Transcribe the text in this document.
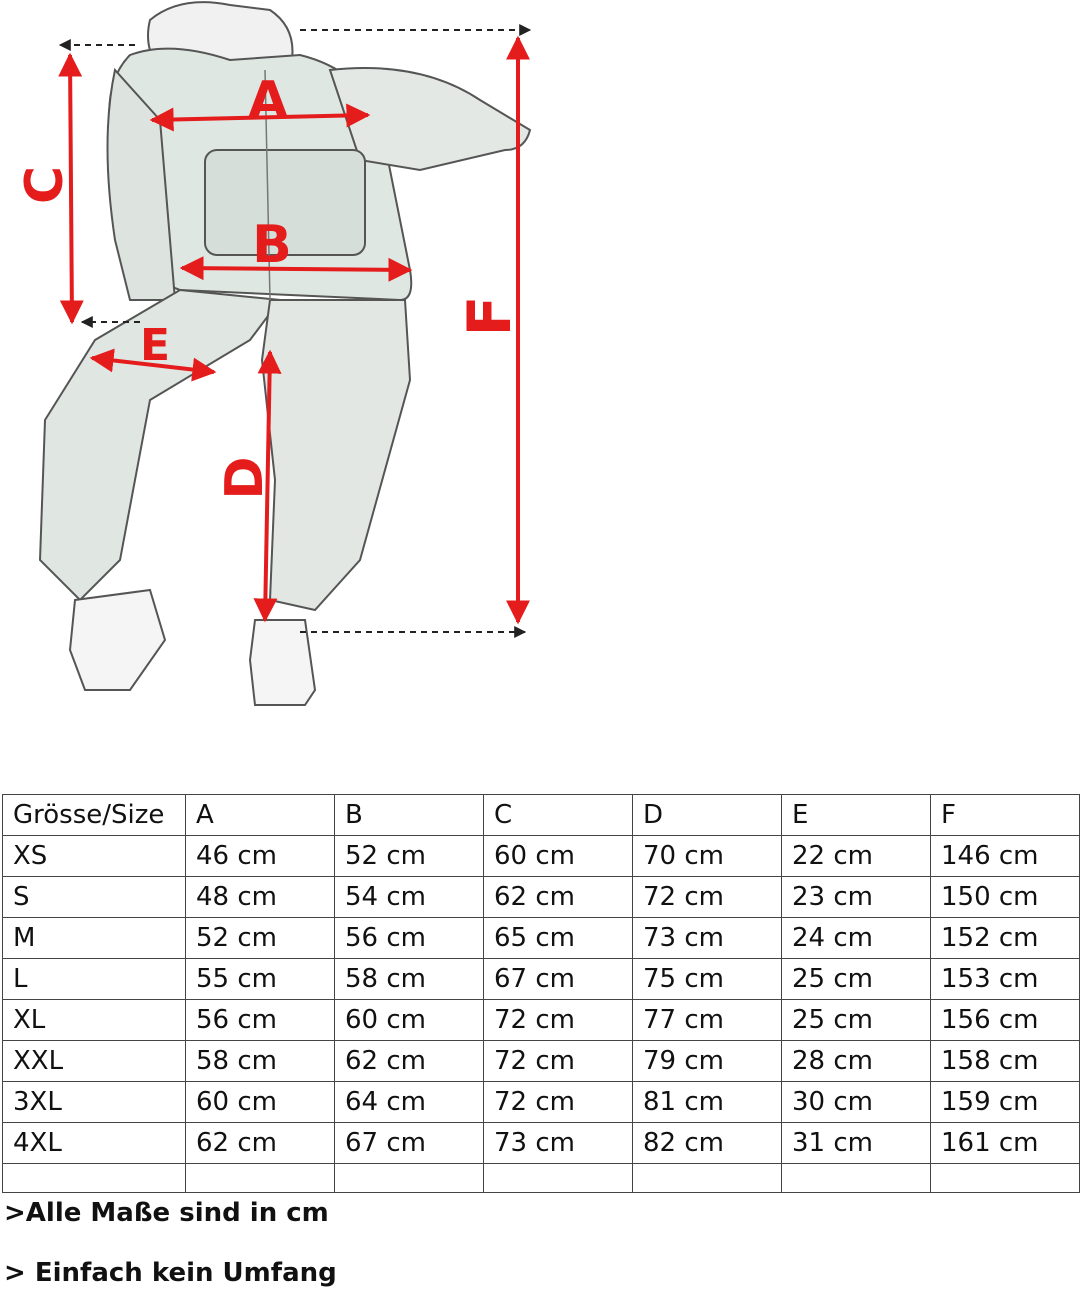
A
B
C
D
E
F
Grösse/Size	A	B	C	D	E	F
XS	46 cm	52 cm	60 cm	70 cm	22 cm	146 cm
S	48 cm	54 cm	62 cm	72 cm	23 cm	150 cm
M	52 cm	56 cm	65 cm	73 cm	24 cm	152 cm
L	55 cm	58 cm	67 cm	75 cm	25 cm	153 cm
XL	56 cm	60 cm	72 cm	77 cm	25 cm	156 cm
XXL	58 cm	62 cm	72 cm	79 cm	28 cm	158 cm
3XL	60 cm	64 cm	72 cm	81 cm	30 cm	159 cm
4XL	62 cm	67 cm	73 cm	82 cm	31 cm	161 cm

>Alle Maße sind in cm
> Einfach kein Umfang
